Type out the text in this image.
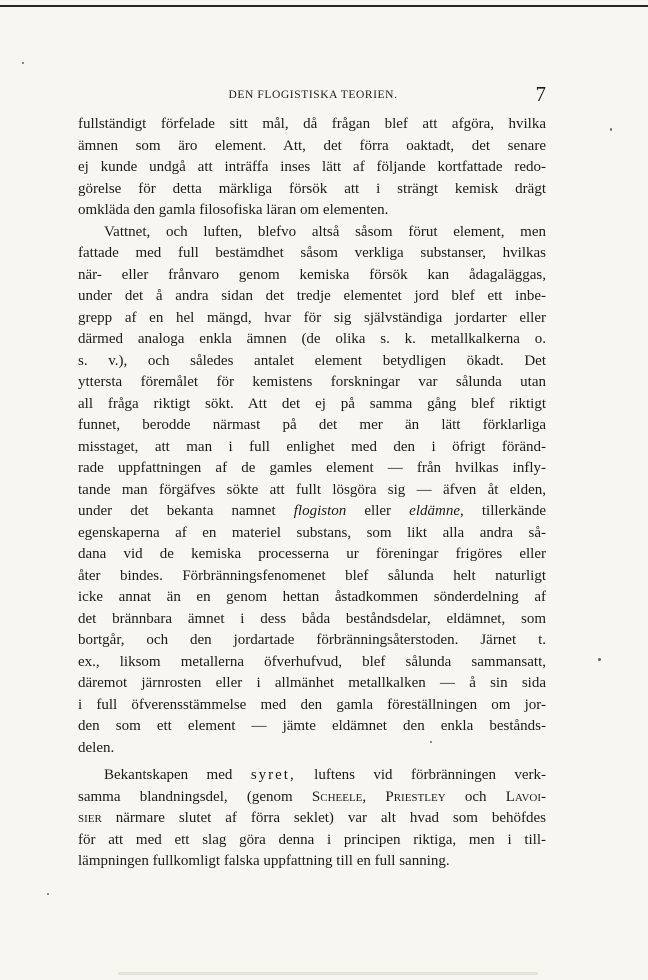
DEN FLOGISTISKA TEORIEN.	7
fullständigt förfelade sitt mål, då frågan blef att afgöra, hvilka
ämnen som äro element. Att, det förra oaktadt, det senare
ej kunde undgå att inträffa inses lätt af följande kortfattade redo-
görelse för detta märkliga försök att i strängt kemisk drägt
omkläda den gamla filosofiska läran om elementen.
Vattnet, och luften, blefvo altså såsom förut element, men
fattade med full bestämdhet såsom verkliga substanser, hvilkas
när- eller frånvaro genom kemiska försök kan ådagaläggas,
under det å andra sidan det tredje elementet jord blef ett inbe-
grepp af en hel mängd, hvar för sig självständiga jordarter eller
därmed analoga enkla ämnen (de olika s. k. metallkalkerna o.
s. v.), och således antalet element betydligen ökadt. Det
yttersta föremålet för kemistens forskningar var sålunda utan
all fråga riktigt sökt. Att det ej på samma gång blef riktigt
funnet, berodde närmast på det mer än lätt förklarliga
misstaget, att man i full enlighet med den i öfrigt föränd-
rade uppfattningen af de gamles element — från hvilkas infly-
tande man förgäfves sökte att fullt lösgöra sig — äfven åt elden,
under det bekanta namnet flogiston eller eldämne, tillerkände
egenskaperna af en materiel substans, som likt alla andra så-
dana vid de kemiska processerna ur föreningar frigöres eller
åter bindes. Förbränningsfenomenet blef sålunda helt naturligt
icke annat än en genom hettan åstadkommen sönderdelning af
det brännbara ämnet i dess båda beståndsdelar, eldämnet, som
bortgår, och den jordartade förbränningsåterstoden. Järnet t.
ex., liksom metallerna öfverhufvud, blef sålunda sammansatt,
däremot järnrosten eller i allmänhet metallkalken — å sin sida
i full öfverensstämmelse med den gamla föreställningen om jor-
den som ett element — jämte eldämnet den enkla bestånds-
delen.
Bekantskapen med syret, luftens vid förbränningen verk-
samma blandningsdel, (genom Scheele, Priestley och Lavoi-
sier närmare slutet af förra seklet) var alt hvad som behöfdes
för att med ett slag göra denna i principen riktiga, men i till-
lämpningen fullkomligt falska uppfattning till en full sanning.
